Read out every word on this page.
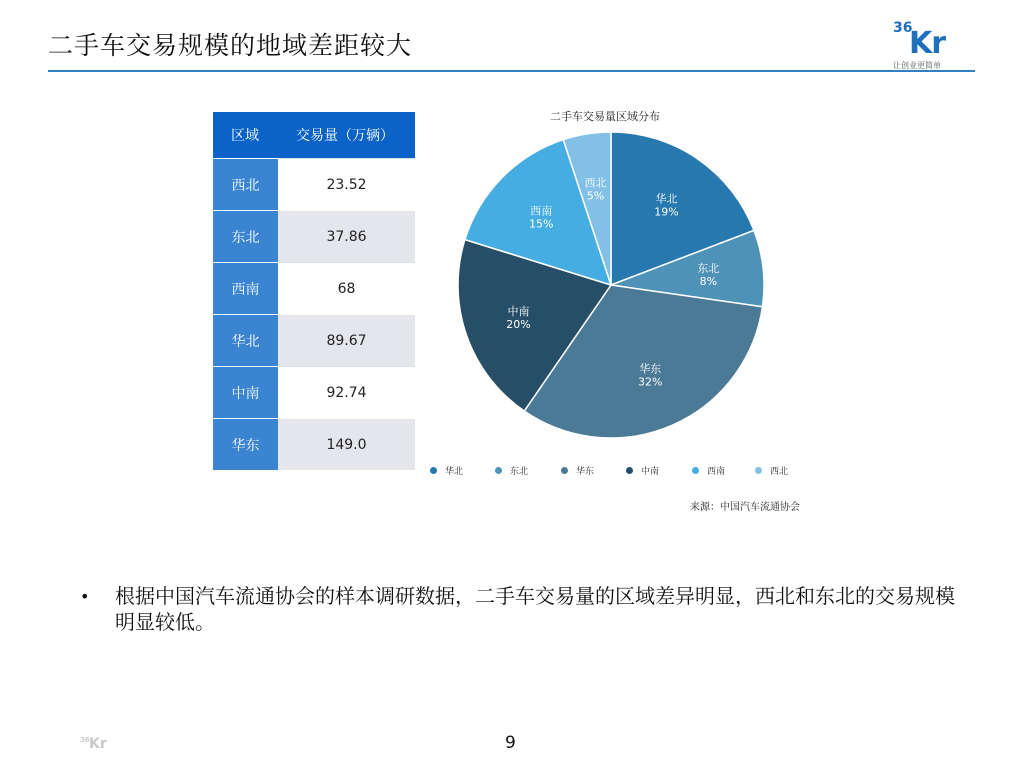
二手车交易规模的地域差距较大
36
Kr
让创业更简单
区域	交易量（万辆）
西北	23.52
东北	37.86
西南	68
华北	89.67
中南	92.74
华东	149.0
二手车交易量区域分布
华北
19%
东北
8%
华东
32%
中南
20%
西南
15%
西北
5%
华北	东北	华东	中南	西南	西北
来源：中国汽车流通协会
• 根据中国汽车流通协会的样本调研数据，二手车交易量的区域差异明显，西北和东北的交易规模明显较低。
36 Kr	9
